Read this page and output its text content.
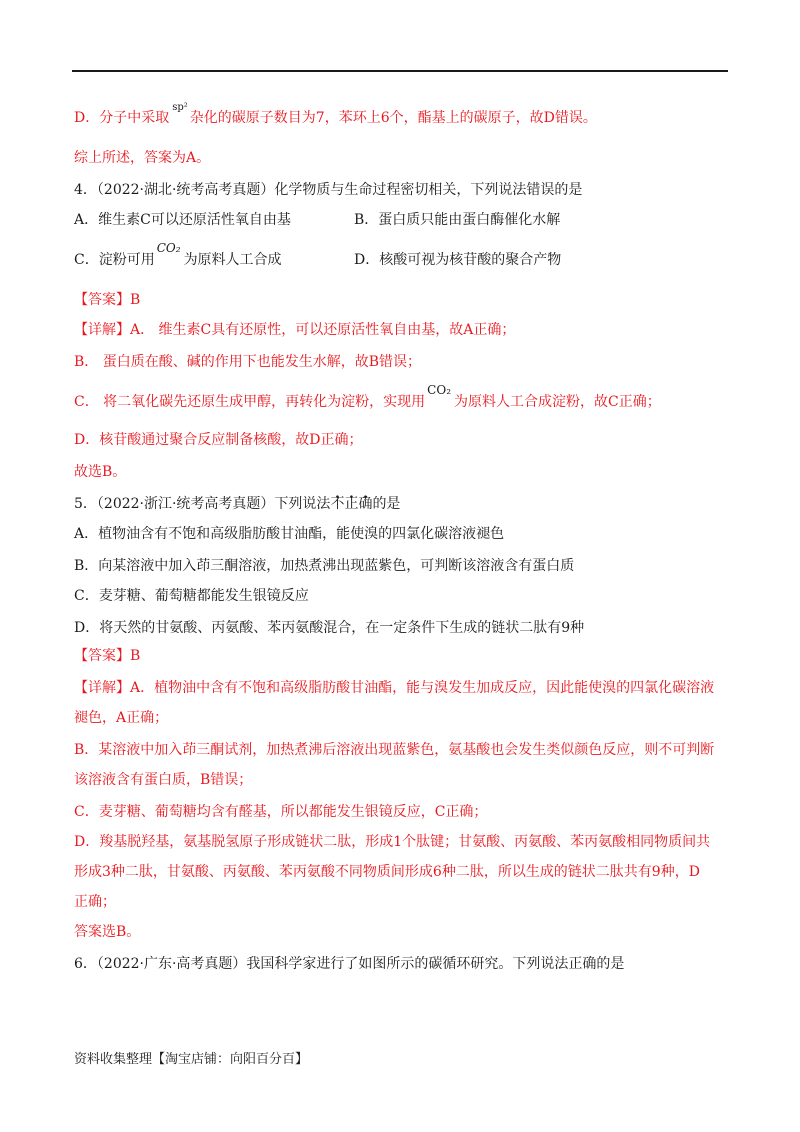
D．分子中采取$^{sp^2}$杂化的碳原子数目为7，苯环上6个，酯基上的碳原子，故D错误。
综上所述，答案为A。
4．（2022·湖北·统考高考真题）化学物质与生命过程密切相关，下列说法错误的是
A．维生素C可以还原活性氧自由基	B．蛋白质只能由蛋白酶催化水解
C．淀粉可用CO₂为原料人工合成	D．核酸可视为核苷酸的聚合产物
【答案】B
【详解】A． 维生素C具有还原性，可以还原活性氧自由基，故A正确；
B． 蛋白质在酸、碱的作用下也能发生水解，故B错误；
C． 将二氧化碳先还原生成甲醇，再转化为淀粉，实现用CO₂为原料人工合成淀粉，故C正确；
D．核苷酸通过聚合反应制备核酸，故D正确；
故选B。
5．（2022·浙江·统考高考真题）下列说法不正确的是
A．植物油含有不饱和高级脂肪酸甘油酯，能使溴的四氯化碳溶液褪色
B．向某溶液中加入茚三酮溶液，加热煮沸出现蓝紫色，可判断该溶液含有蛋白质
C．麦芽糖、葡萄糖都能发生银镜反应
D．将天然的甘氨酸、丙氨酸、苯丙氨酸混合，在一定条件下生成的链状二肽有9种
【答案】B
【详解】A．植物油中含有不饱和高级脂肪酸甘油酯，能与溴发生加成反应，因此能使溴的四氯化碳溶液
褪色，A正确；
B．某溶液中加入茚三酮试剂，加热煮沸后溶液出现蓝紫色，氨基酸也会发生类似颜色反应，则不可判断
该溶液含有蛋白质，B错误；
C．麦芽糖、葡萄糖均含有醛基，所以都能发生银镜反应，C正确；
D．羧基脱羟基，氨基脱氢原子形成链状二肽，形成1个肽键；甘氨酸、丙氨酸、苯丙氨酸相同物质间共
形成3种二肽，甘氨酸、丙氨酸、苯丙氨酸不同物质间形成6种二肽，所以生成的链状二肽共有9种，D
正确；
答案选B。
6．（2022·广东·高考真题）我国科学家进行了如图所示的碳循环研究。下列说法正确的是
资料收集整理【淘宝店铺：向阳百分百】
